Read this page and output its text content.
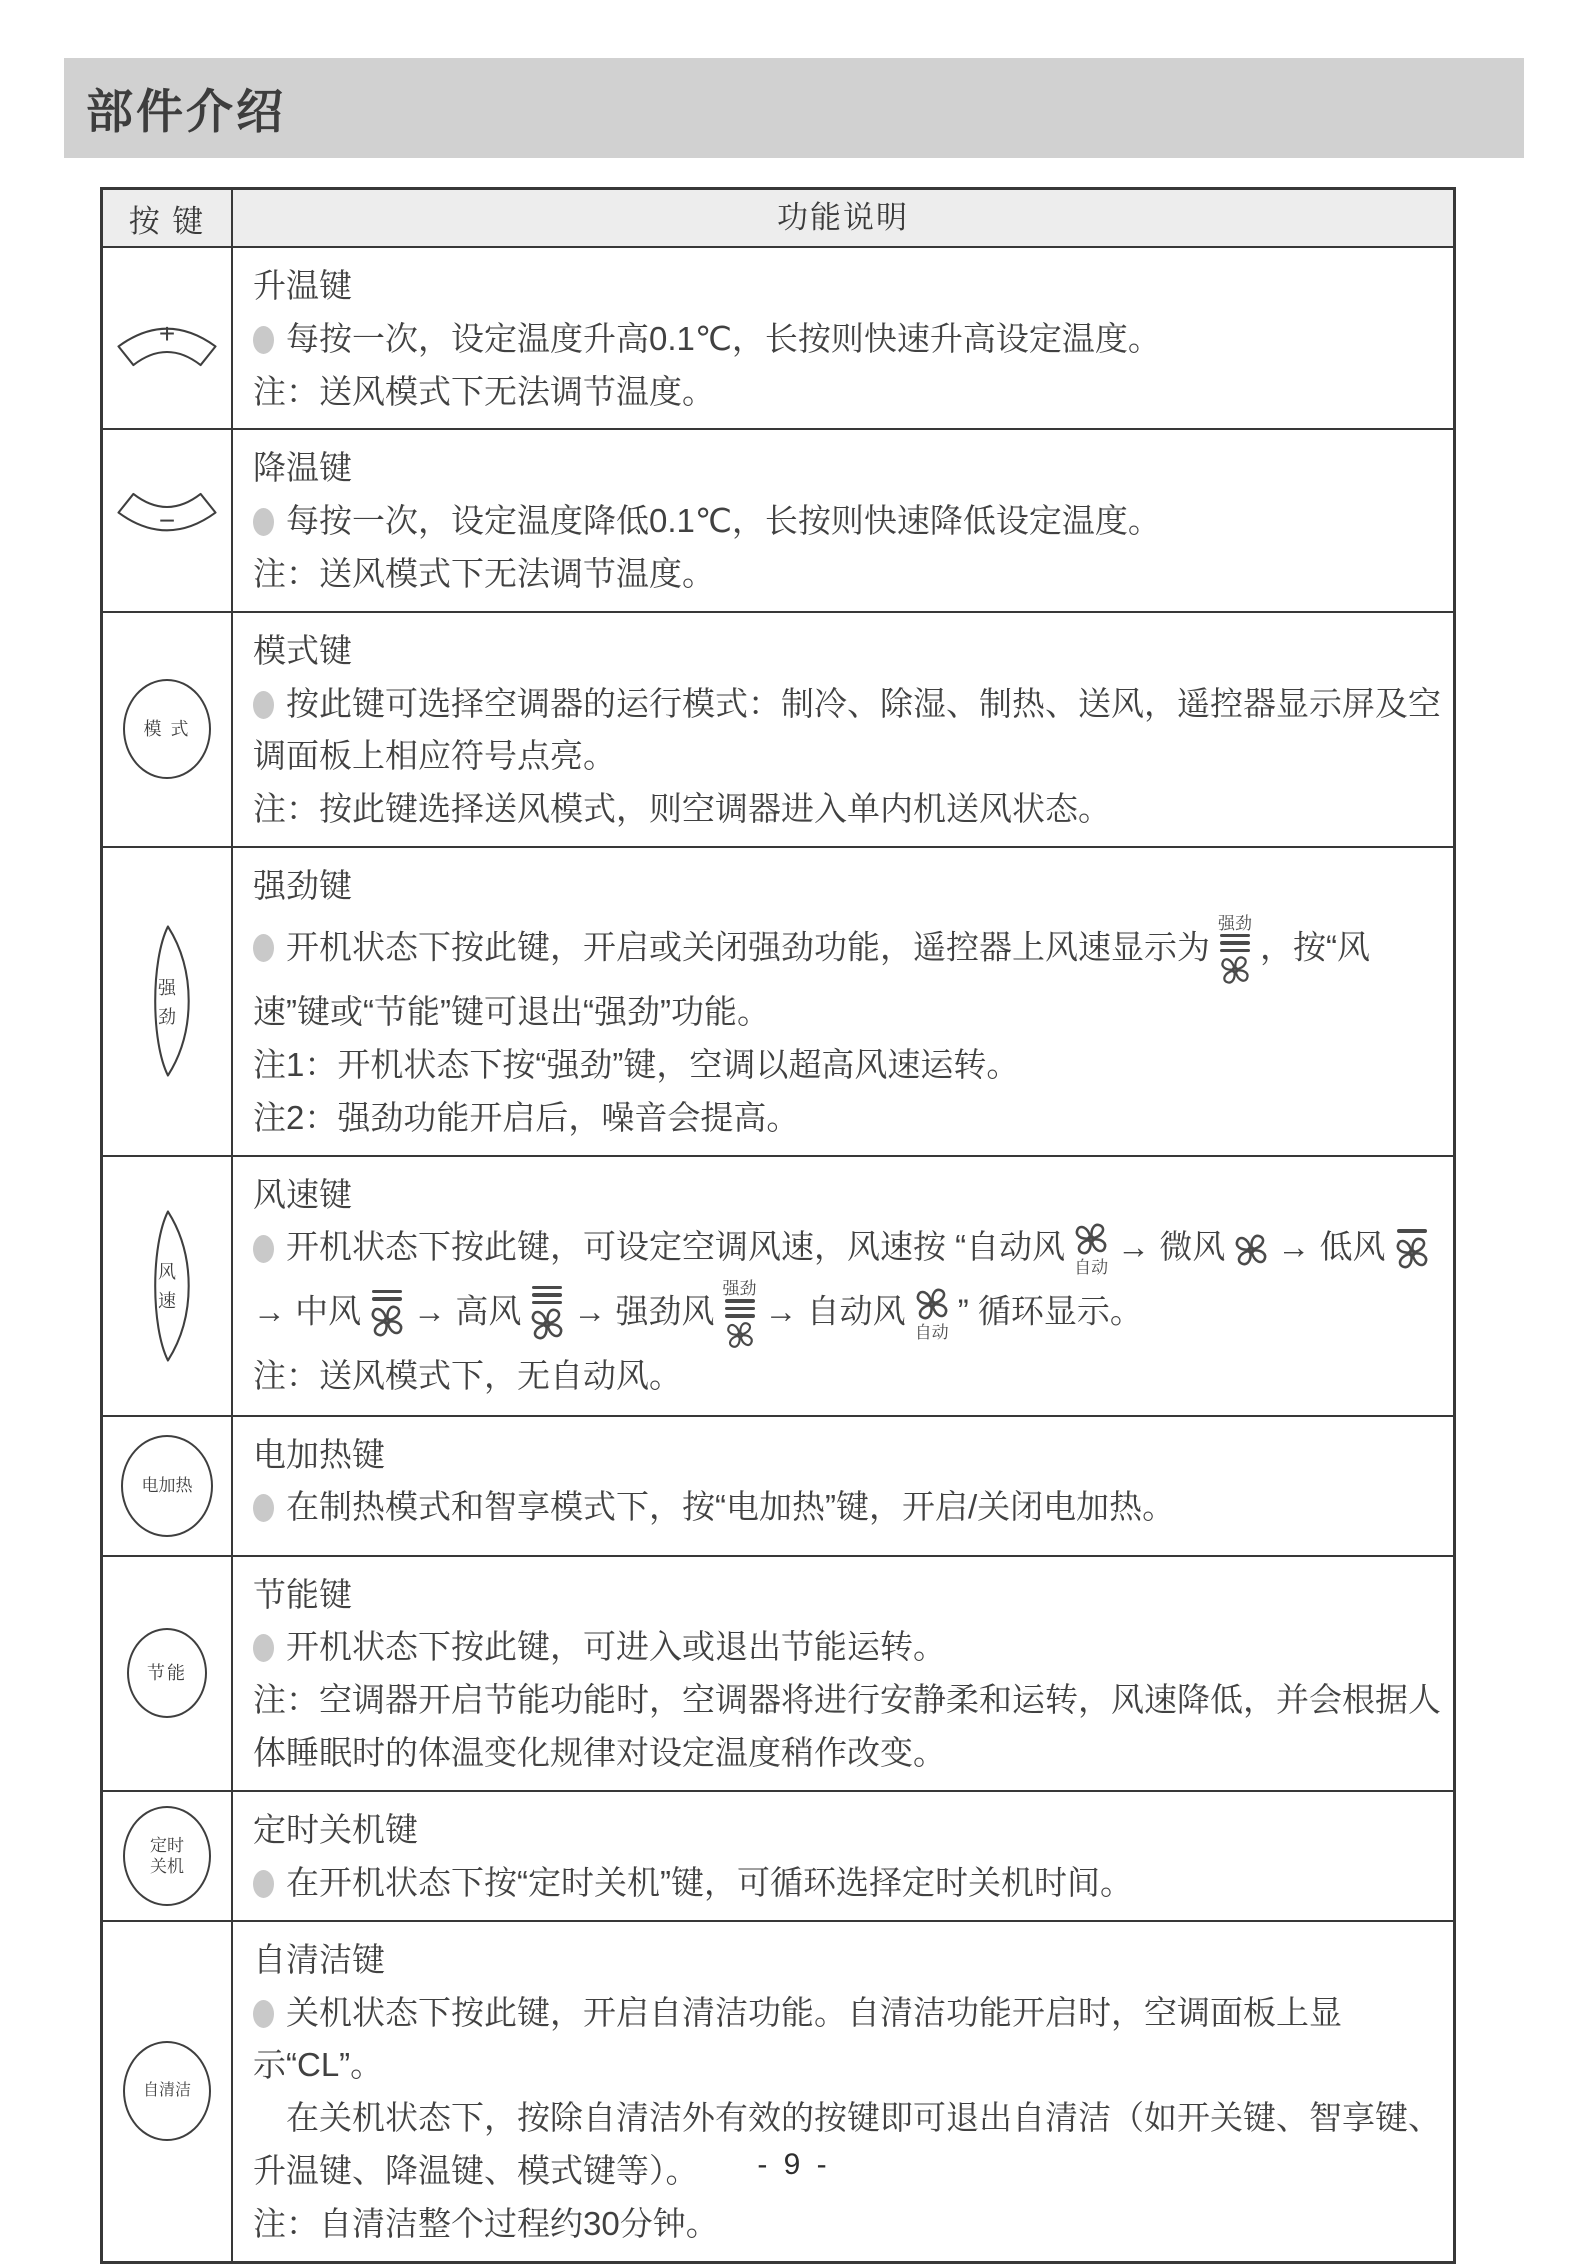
部件介绍
按 键	功能说明
+

升温键

每按一次，设定温度升高0.1℃，长按则快速升高设定温度。

注：送风模式下无法调节温度。

−

降温键

每按一次，设定温度降低0.1℃，长按则快速降低设定温度。

注：送风模式下无法调节温度。

模 式

模式键

按此键可选择空调器的运行模式：制冷、除湿、制热、送风，遥控器显示屏及空调面板上相应符号点亮。

注：按此键选择送风模式，则空调器进入单内机送风状态。

强
劲

强劲键

开机状态下按此键，开启或关闭强劲功能，遥控器上风速显示为
强劲
，按“风速”键或“节能”键可退出“强劲”功能。

注1：开机状态下按“强劲”键，空调以超高风速运转。

注2：强劲功能开启后，噪音会提高。

风
速

风速键

开机状态下按此键，可设定空调风速，风速按 “自动风
自动
→ 微风 → 低风
→ 中风 → 高风 → 强劲风
强劲
→ 自动风
自动
” 循环显示。

注：送风模式下，无自动风。

电加热

电加热键

在制热模式和智享模式下，按“电加热”键，开启/关闭电加热。

节能

节能键

开机状态下按此键，可进入或退出节能运转。

注：空调器开启节能功能时，空调器将进行安静柔和运转，风速降低，并会根据人体睡眠时的体温变化规律对设定温度稍作改变。

定时
关机

定时关机键

在开机状态下按“定时关机”键，可循环选择定时关机时间。

自清洁

自清洁键

关机状态下按此键，开启自清洁功能。自清洁功能开启时，空调面板上显示“CL”。

在关机状态下，按除自清洁外有效的按键即可退出自清洁（如开关键、智享键、升温键、降温键、模式键等）。

注：自清洁整个过程约30分钟。

- 9 -
